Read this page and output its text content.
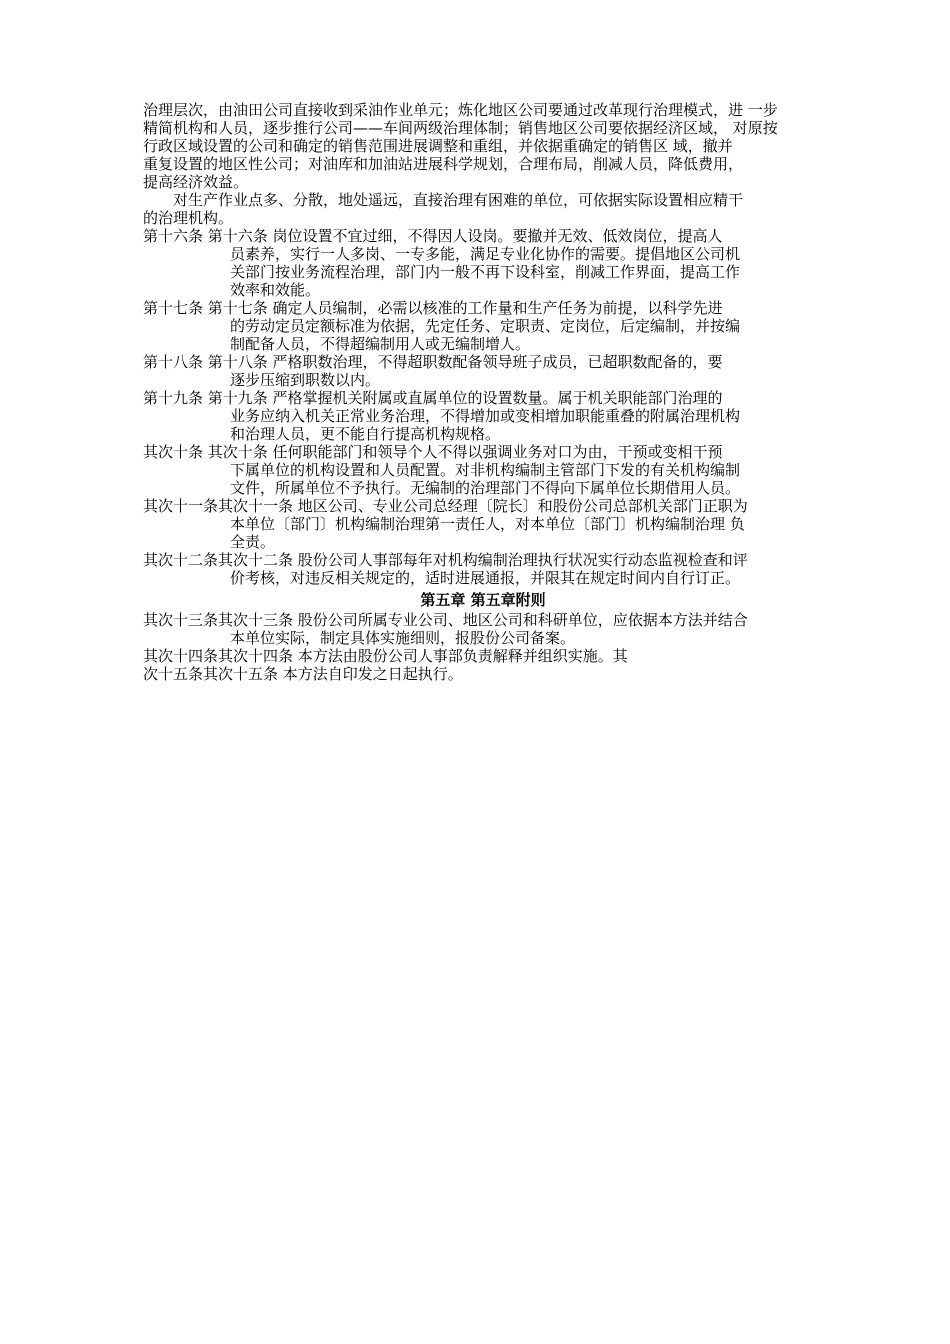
治理层次，由油田公司直接收到采油作业单元；炼化地区公司要通过改革现行治理模式，进 一步
精简机构和人员，逐步推行公司——车间两级治理体制；销售地区公司要依据经济区域， 对原按
行政区域设置的公司和确定的销售范围进展调整和重组，并依据重确定的销售区 域，撤并
重复设置的地区性公司；对油库和加油站进展科学规划，合理布局，削减人员，降低费用，
提高经济效益。

对生产作业点多、分散，地处遥远，直接治理有困难的单位，可依据实际设置相应精干
的治理机构。

第十六条 第十六条 岗位设置不宜过细，不得因人设岗。要撤并无效、低效岗位，提高人
员素养，实行一人多岗、一专多能，满足专业化协作的需要。提倡地区公司机
关部门按业务流程治理，部门内一般不再下设科室，削减工作界面，提高工作
效率和效能。

第十七条 第十七条 确定人员编制，必需以核准的工作量和生产任务为前提，以科学先进
的劳动定员定额标准为依据，先定任务、定职责、定岗位，后定编制，并按编
制配备人员，不得超编制用人或无编制增人。

第十八条 第十八条 严格职数治理，不得超职数配备领导班子成员，已超职数配备的，要
逐步压缩到职数以内。

第十九条 第十九条 严格掌握机关附属或直属单位的设置数量。属于机关职能部门治理的
业务应纳入机关正常业务治理，不得增加或变相增加职能重叠的附属治理机构
和治理人员，更不能自行提高机构规格。

其次十条 其次十条 任何职能部门和领导个人不得以强调业务对口为由，干预或变相干预
下属单位的机构设置和人员配置。对非机构编制主管部门下发的有关机构编制
文件，所属单位不予执行。无编制的治理部门不得向下属单位长期借用人员。

其次十一条其次十一条 地区公司、专业公司总经理〔院长〕和股份公司总部机关部门正职为
本单位〔部门〕机构编制治理第一责任人，对本单位〔部门〕机构编制治理 负
全责。

其次十二条其次十二条 股份公司人事部每年对机构编制治理执行状况实行动态监视检查和评
价考核，对违反相关规定的，适时进展通报，并限其在规定时间内自行订正。

第五章 第五章附则

其次十三条其次十三条 股份公司所属专业公司、地区公司和科研单位，应依据本方法并结合
本单位实际，制定具体实施细则，报股份公司备案。

其次十四条其次十四条 本方法由股份公司人事部负责解释并组织实施。其
次十五条其次十五条 本方法自印发之日起执行。
